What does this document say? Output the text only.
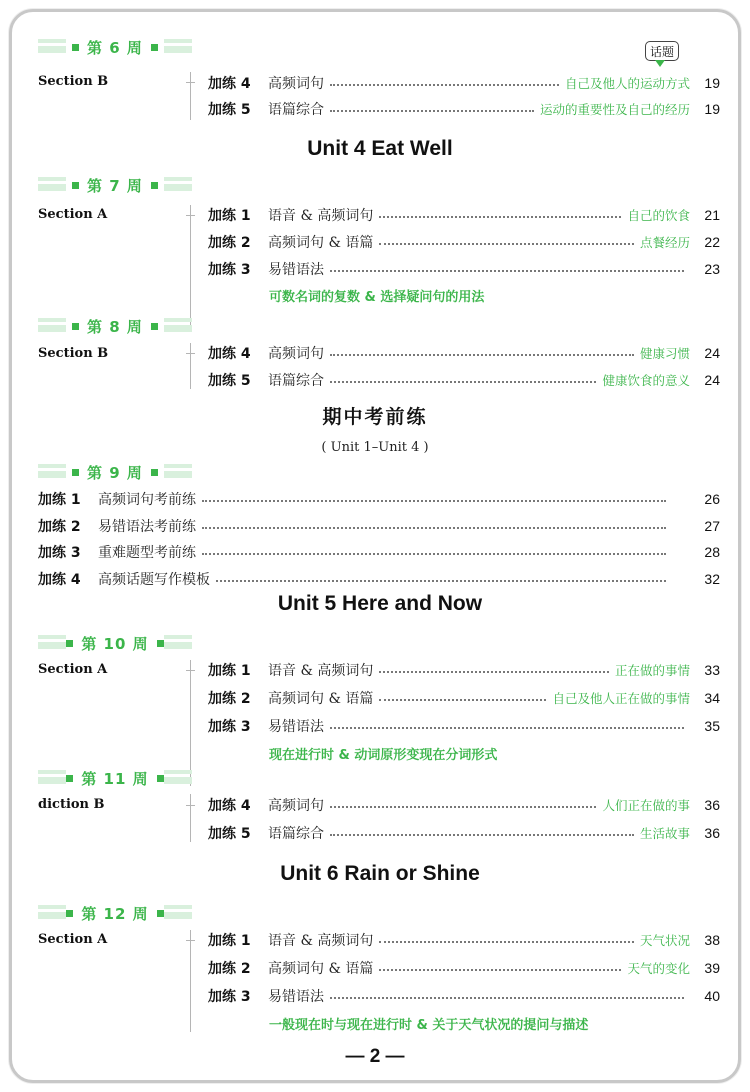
话题
第 6 周
Section B	加练 4	高频词句	自己及他人的运动方式	19
加练 5	语篇综合	运动的重要性及自己的经历	19
Unit 4 Eat Well
第 7 周
Section A	加练 1	语音 & 高频词句	自己的饮食	21
加练 2	高频词句 & 语篇	点餐经历	22
加练 3	易错语法	23
可数名词的复数 & 选择疑问句的用法
第 8 周
Section B	加练 4	高频词句	健康习惯	24
加练 5	语篇综合	健康饮食的意义	24
期中考前练
( Unit 1–Unit 4 )
第 9 周
加练 1	高频词句考前练	26
加练 2	易错语法考前练	27
加练 3	重难题型考前练	28
加练 4	高频话题写作模板	32
Unit 5 Here and Now
第 10 周
Section A	加练 1	语音 & 高频词句	正在做的事情	33
加练 2	高频词句 & 语篇	自己及他人正在做的事情	34
加练 3	易错语法	35
现在进行时 & 动词原形变现在分词形式
第 11 周
diction B	加练 4	高频词句	人们正在做的事	36
加练 5	语篇综合	生活故事	36
Unit 6 Rain or Shine
第 12 周
Section A	加练 1	语音 & 高频词句	天气状况	38
加练 2	高频词句 & 语篇	天气的变化	39
加练 3	易错语法	40
一般现在时与现在进行时 & 关于天气状况的提问与描述
— 2 —
